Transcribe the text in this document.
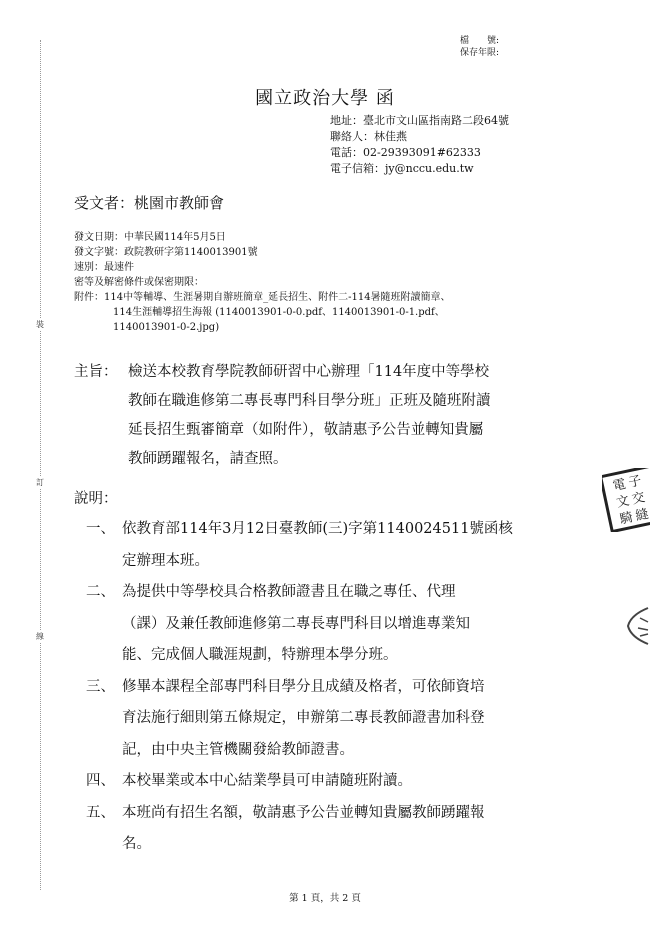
裝
訂
線
檔　　號:
保存年限:
國立政治大學 函
地址：臺北市文山區指南路二段64號
聯絡人：林佳燕
電話：02-29393091#62333
電子信箱：jy@nccu.edu.tw
受文者：桃園市教師會
發文日期：中華民國114年5月5日
發文字號：政院教研字第1140013901號
速別：最速件
密等及解密條件或保密期限：
附件：114中等輔導、生涯暑期自辦班簡章_延長招生、附件二-114暑隨班附讀簡章、
114生涯輔導招生海報 (1140013901-0-0.pdf、1140013901-0-1.pdf、
1140013901-0-2.jpg)
主旨： 檢送本校教育學院教師研習中心辦理「114年度中等學校
教師在職進修第二專長專門科目學分班」正班及隨班附讀
延長招生甄審簡章（如附件），敬請惠予公告並轉知貴屬
教師踴躍報名，請查照。
說明：
一、 依教育部114年3月12日臺教師(三)字第1140024511號函核
定辦理本班。
二、 為提供中等學校具合格教師證書且在職之專任、代理
（課）及兼任教師進修第二專長專門科目以增進專業知
能、完成個人職涯規劃，特辦理本學分班。
三、 修畢本課程全部專門科目學分且成績及格者，可依師資培
育法施行細則第五條規定，申辦第二專長教師證書加科登
記，由中央主管機關發給教師證書。
四、 本校畢業或本中心結業學員可申請隨班附讀。
五、 本班尚有招生名額，敬請惠予公告並轉知貴屬教師踴躍報
名。
電 子
文 交
騎 縫
第 1 頁，共 2 頁
